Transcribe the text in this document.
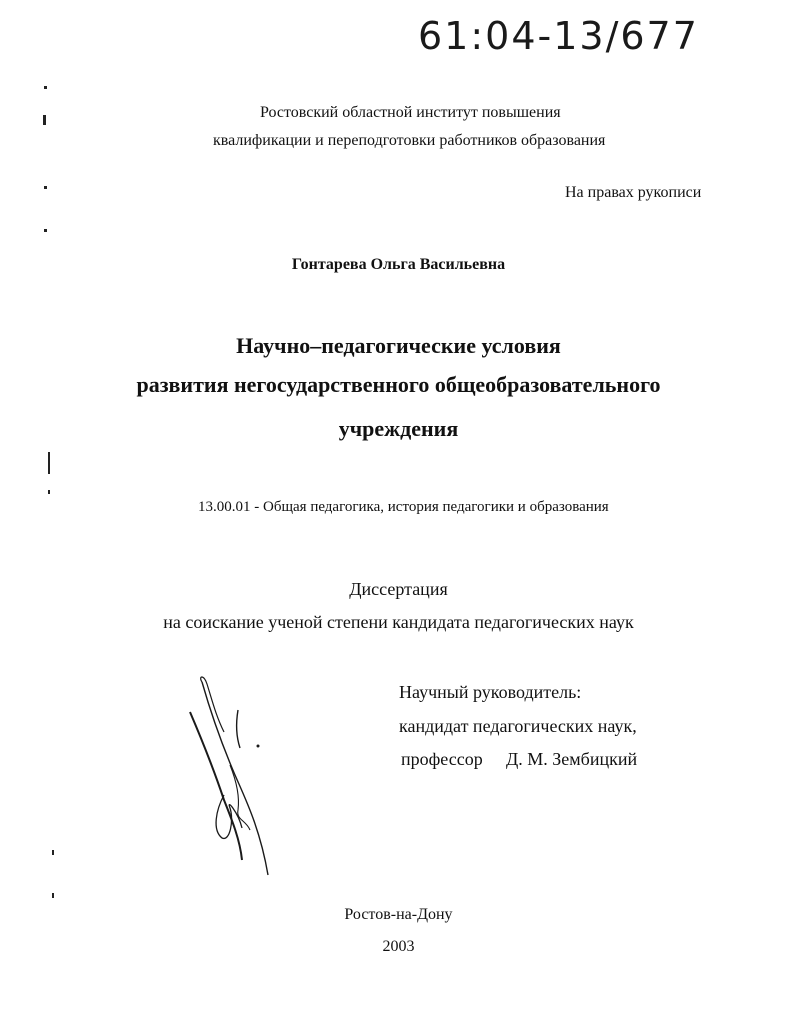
61:04-13/677
Ростовский областной институт повышения
квалификации и переподготовки работников образования
На правах рукописи
Гонтарева Ольга Васильевна
Научно–педагогические условия
развития негосударственного общеобразовательного
учреждения
13.00.01 - Общая педагогика, история педагогики и образования
Диссертация
на соискание ученой степени кандидата педагогических наук
Научный руководитель:
кандидат педагогических наук,
профессор Д. М. Зембицкий
Ростов-на-Дону
2003
